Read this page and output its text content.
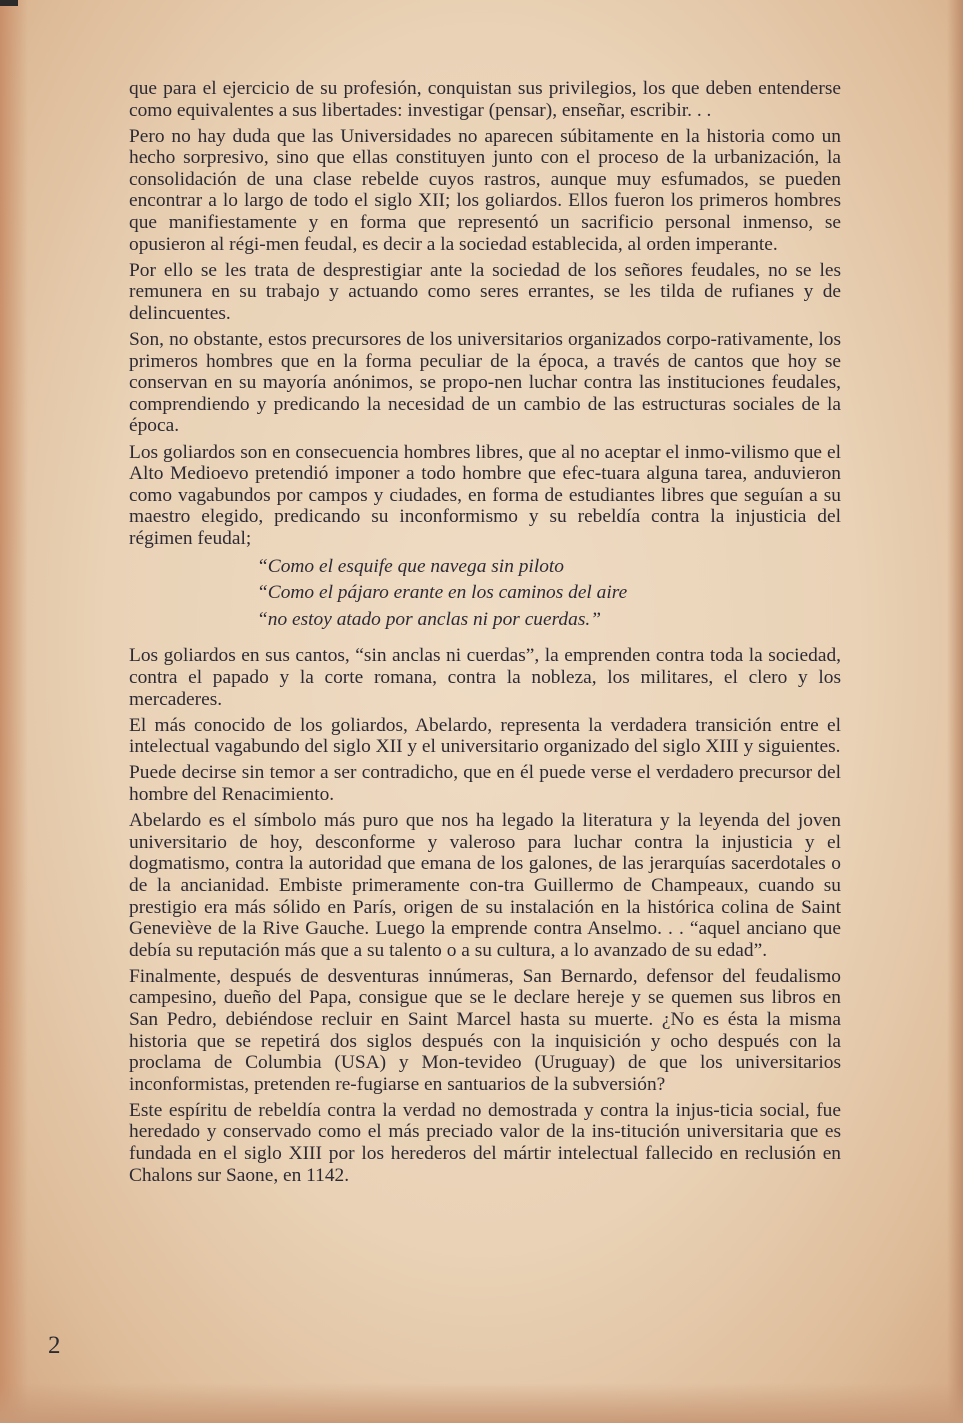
que para el ejercicio de su profesión, conquistan sus privilegios, los que deben entenderse como equivalentes a sus libertades: investigar (pensar), enseñar, escribir. . .

Pero no hay duda que las Universidades no aparecen súbitamente en la historia como un hecho sorpresivo, sino que ellas constituyen junto con el proceso de la urbanización, la consolidación de una clase rebelde cuyos rastros, aunque muy esfumados, se pueden encontrar a lo largo de todo el siglo XII; los goliardos. Ellos fueron los primeros hombres que manifiestamente y en forma que representó un sacrificio personal inmenso, se opusieron al régi-men feudal, es decir a la sociedad establecida, al orden imperante.

Por ello se les trata de desprestigiar ante la sociedad de los señores feudales, no se les remunera en su trabajo y actuando como seres errantes, se les tilda de rufianes y de delincuentes.

Son, no obstante, estos precursores de los universitarios organizados corpo-rativamente, los primeros hombres que en la forma peculiar de la época, a través de cantos que hoy se conservan en su mayoría anónimos, se propo-nen luchar contra las instituciones feudales, comprendiendo y predicando la necesidad de un cambio de las estructuras sociales de la época.

Los goliardos son en consecuencia hombres libres, que al no aceptar el inmo-vilismo que el Alto Medioevo pretendió imponer a todo hombre que efec-tuara alguna tarea, anduvieron como vagabundos por campos y ciudades, en forma de estudiantes libres que seguían a su maestro elegido, predicando su inconformismo y su rebeldía contra la injusticia del régimen feudal;

“Como el esquife que navega sin piloto
“Como el pájaro erante en los caminos del aire
“no estoy atado por anclas ni por cuerdas.”

Los goliardos en sus cantos, “sin anclas ni cuerdas”, la emprenden contra toda la sociedad, contra el papado y la corte romana, contra la nobleza, los militares, el clero y los mercaderes.

El más conocido de los goliardos, Abelardo, representa la verdadera transición entre el intelectual vagabundo del siglo XII y el universitario organizado del siglo XIII y siguientes.

Puede decirse sin temor a ser contradicho, que en él puede verse el verdadero precursor del hombre del Renacimiento.

Abelardo es el símbolo más puro que nos ha legado la literatura y la leyenda del joven universitario de hoy, desconforme y valeroso para luchar contra la injusticia y el dogmatismo, contra la autoridad que emana de los galones, de las jerarquías sacerdotales o de la ancianidad. Embiste primeramente con-tra Guillermo de Champeaux, cuando su prestigio era más sólido en París, origen de su instalación en la histórica colina de Saint Geneviève de la Rive Gauche. Luego la emprende contra Anselmo. . . “aquel anciano que debía su reputación más que a su talento o a su cultura, a lo avanzado de su edad”.

Finalmente, después de desventuras innúmeras, San Bernardo, defensor del feudalismo campesino, dueño del Papa, consigue que se le declare hereje y se quemen sus libros en San Pedro, debiéndose recluir en Saint Marcel hasta su muerte. ¿No es ésta la misma historia que se repetirá dos siglos después con la inquisición y ocho después con la proclama de Columbia (USA) y Mon-tevideo (Uruguay) de que los universitarios inconformistas, pretenden re-fugiarse en santuarios de la subversión?

Este espíritu de rebeldía contra la verdad no demostrada y contra la injus-ticia social, fue heredado y conservado como el más preciado valor de la ins-titución universitaria que es fundada en el siglo XIII por los herederos del mártir intelectual fallecido en reclusión en Chalons sur Saone, en 1142.

2
